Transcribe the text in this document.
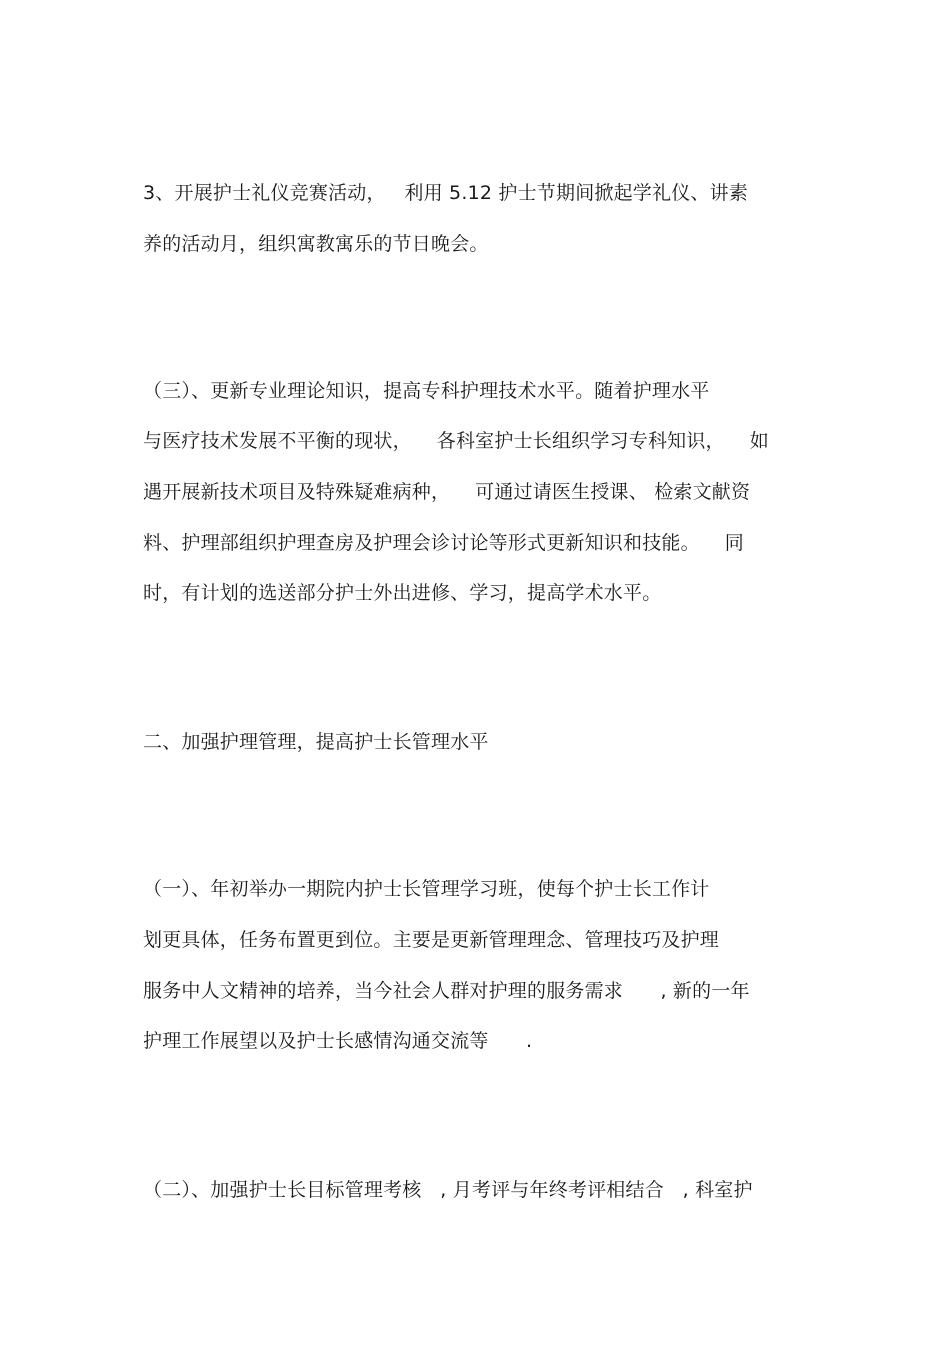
3、开展护士礼仪竞赛活动，   利用 5.12 护士节期间掀起学礼仪、讲素
养的活动月，组织寓教寓乐的节日晚会。
（三）、更新专业理论知识，提高专科护理技术水平。随着护理水平
与医疗技术发展不平衡的现状，    各科室护士长组织学习专科知识，    如
遇开展新技术项目及特殊疑难病种，    可通过请医生授课、 检索文献资
料、护理部组织护理查房及护理会诊讨论等形式更新知识和技能。    同
时，有计划的选送部分护士外出进修、学习，提高学术水平。
二、加强护理管理，提高护士长管理水平
（一）、年初举办一期院内护士长管理学习班，使每个护士长工作计
划更具体，任务布置更到位。主要是更新管理理念、管理技巧及护理
服务中人文精神的培养，当今社会人群对护理的服务需求      , 新的一年
护理工作展望以及护士长感情沟通交流等      .
（二）、加强护士长目标管理考核   , 月考评与年终考评相结合   , 科室护
